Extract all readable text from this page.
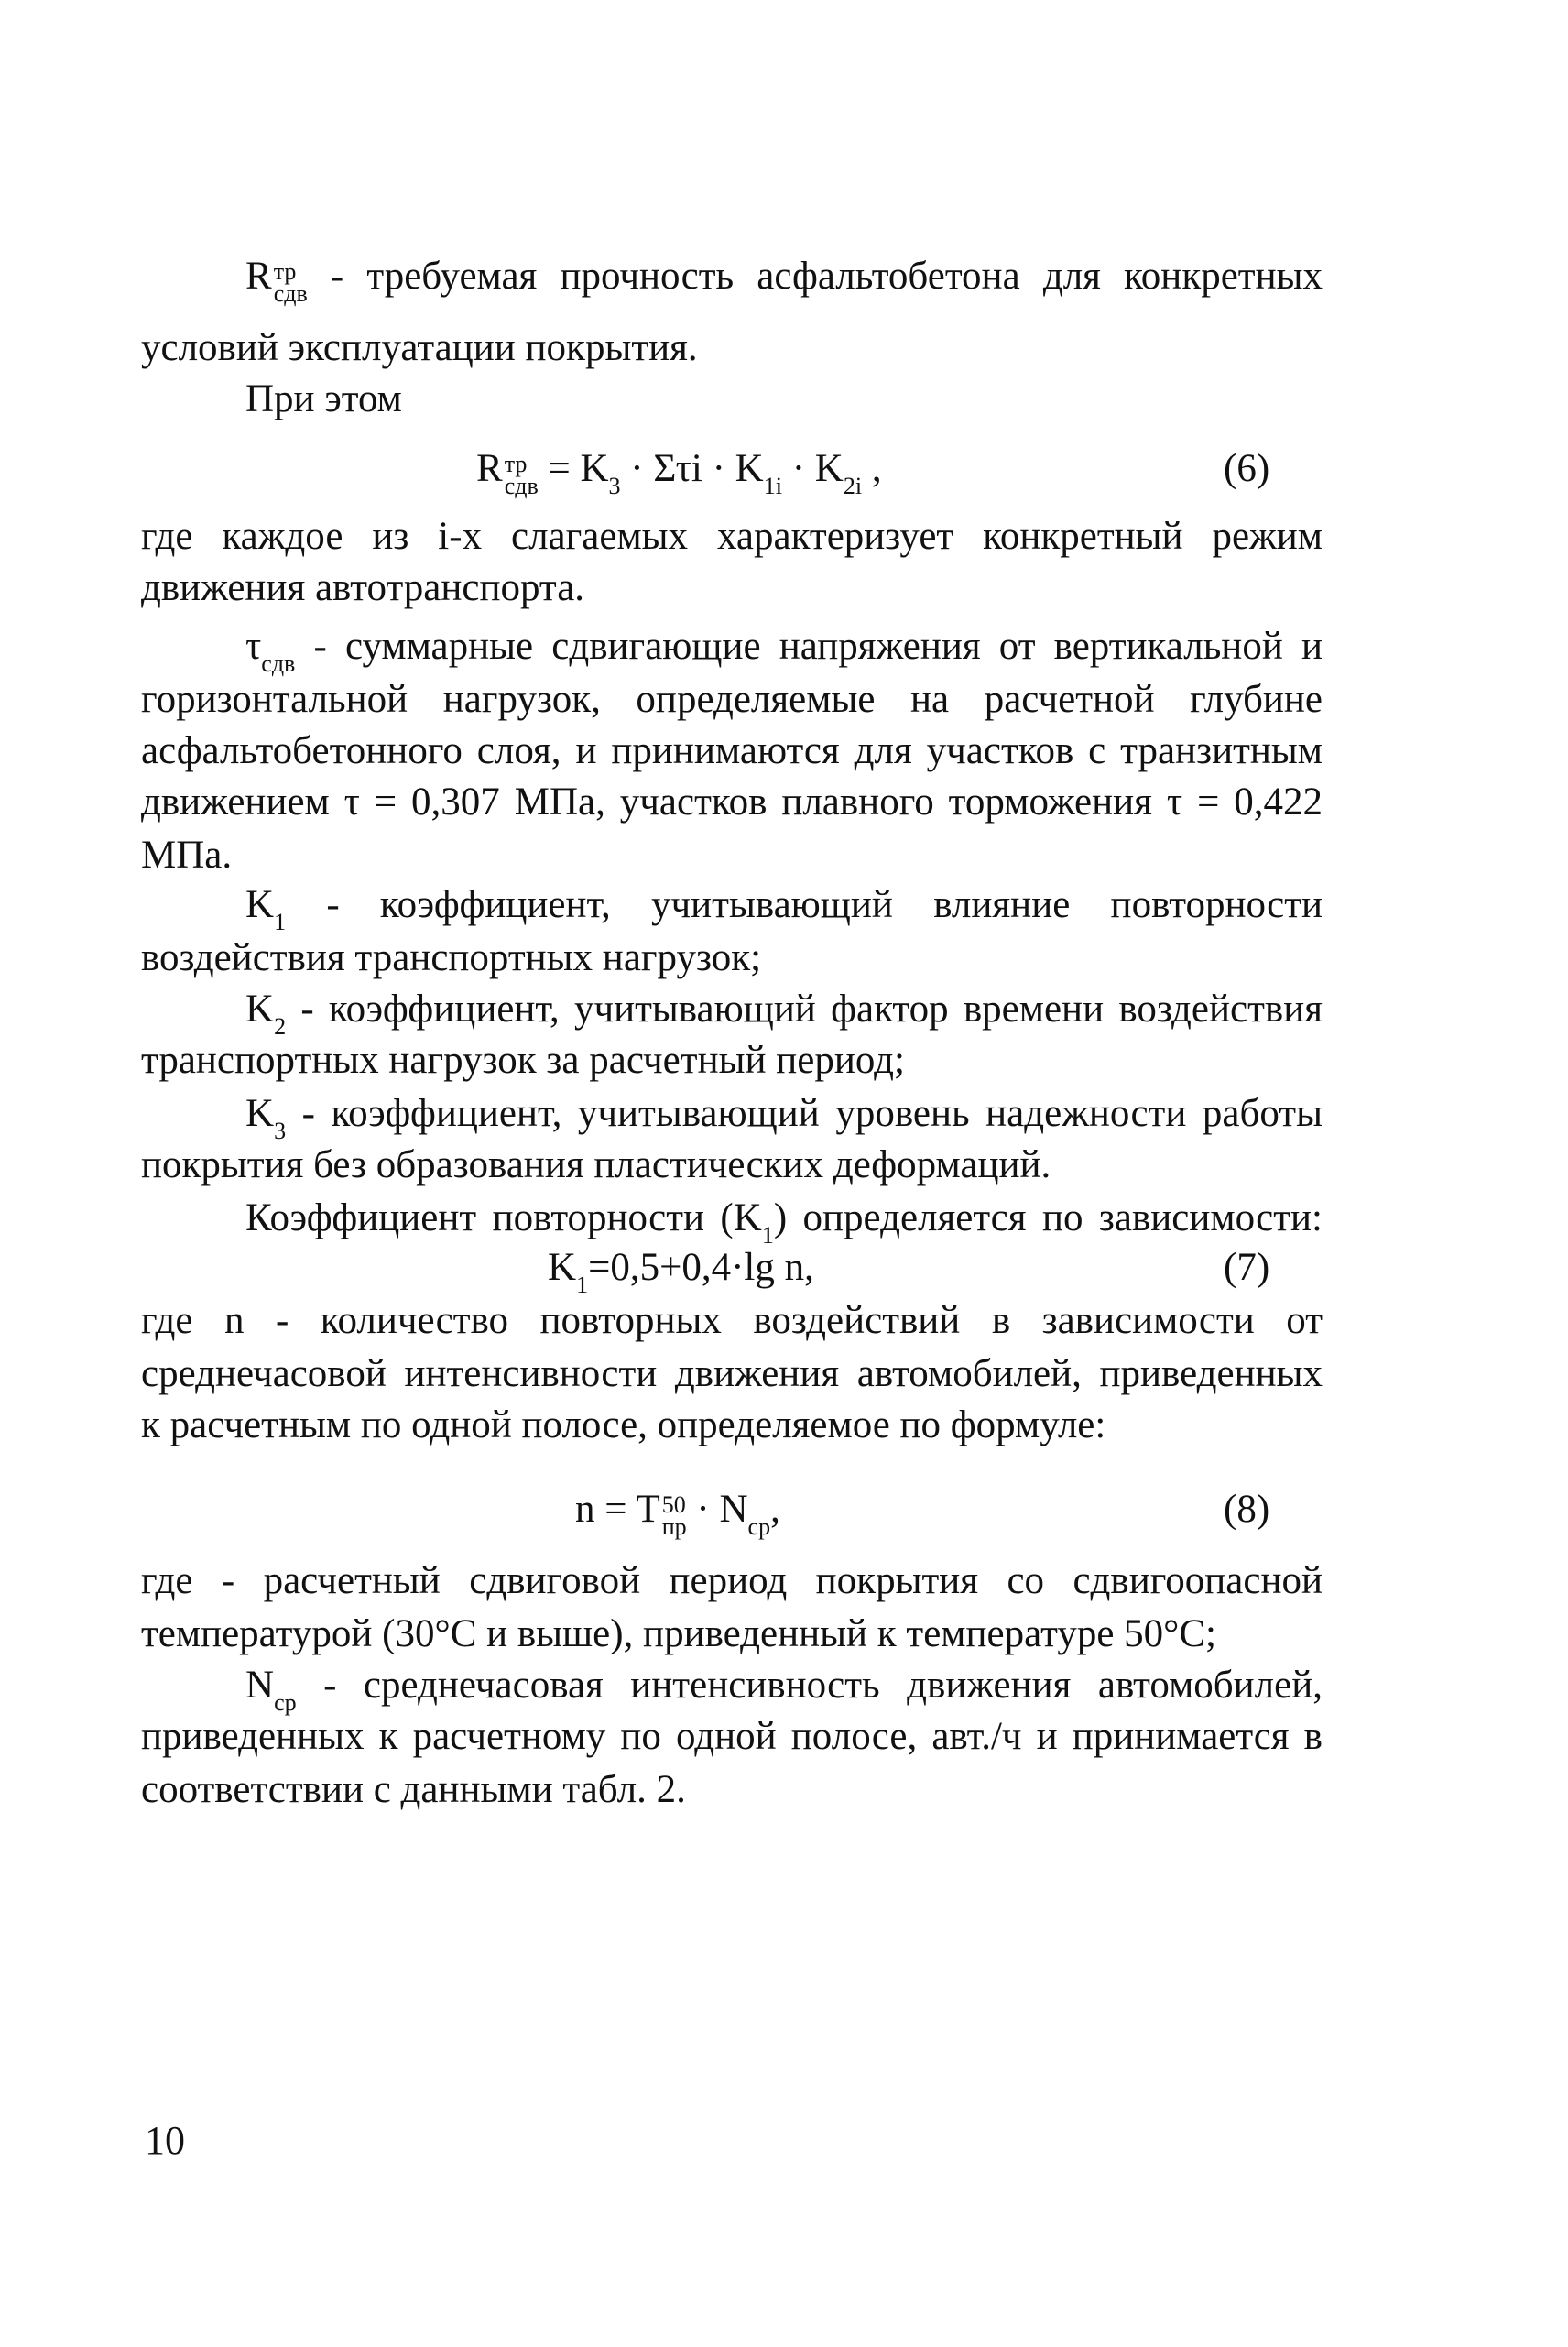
R тр
сдв - требуемая прочность асфальтобетона для конкретных
условий эксплуатации покрытия.
При этом
R тр
сдв = $K_3 \cdot \Sigma\tau i \cdot K_{1i} \cdot K_{2i}$ ,	(6)
где каждое из i-х слагаемых характеризует конкретный режим
движения автотранспорта.
$\tau_{сдв}$ - суммарные сдвигающие напряжения от вертикальной и
горизонтальной нагрузок, определяемые на расчетной глубине
асфальтобетонного слоя, и принимаются для участков с транзитным
движением τ = 0,307 МПа, участков плавного торможения τ = 0,422
МПа.
$K_1$ - коэффициент, учитывающий влияние повторности
воздействия транспортных нагрузок;
$K_2$ - коэффициент, учитывающий фактор времени воздействия
транспортных нагрузок за расчетный период;
$K_3$ - коэффициент, учитывающий уровень надежности работы
покрытия без образования пластических деформаций.
Коэффициент повторности $(K_1)$ определяется по зависимости:
$K_1=0,5+0,4\cdot\lg$ n,	(7)
где n - количество повторных воздействий в зависимости от
среднечасовой интенсивности движения автомобилей, приведенных
к расчетным по одной полосе, определяемое по формуле:
n = T 50
пр · $N_{ср}$,	(8)
где - расчетный сдвиговой период покрытия со сдвигоопасной
температурой (30°С и выше), приведенный к температуре 50°С;
$N_{ср}$ - среднечасовая интенсивность движения автомобилей,
приведенных к расчетному по одной полосе, авт./ч и принимается в
соответствии с данными табл. 2.
10
